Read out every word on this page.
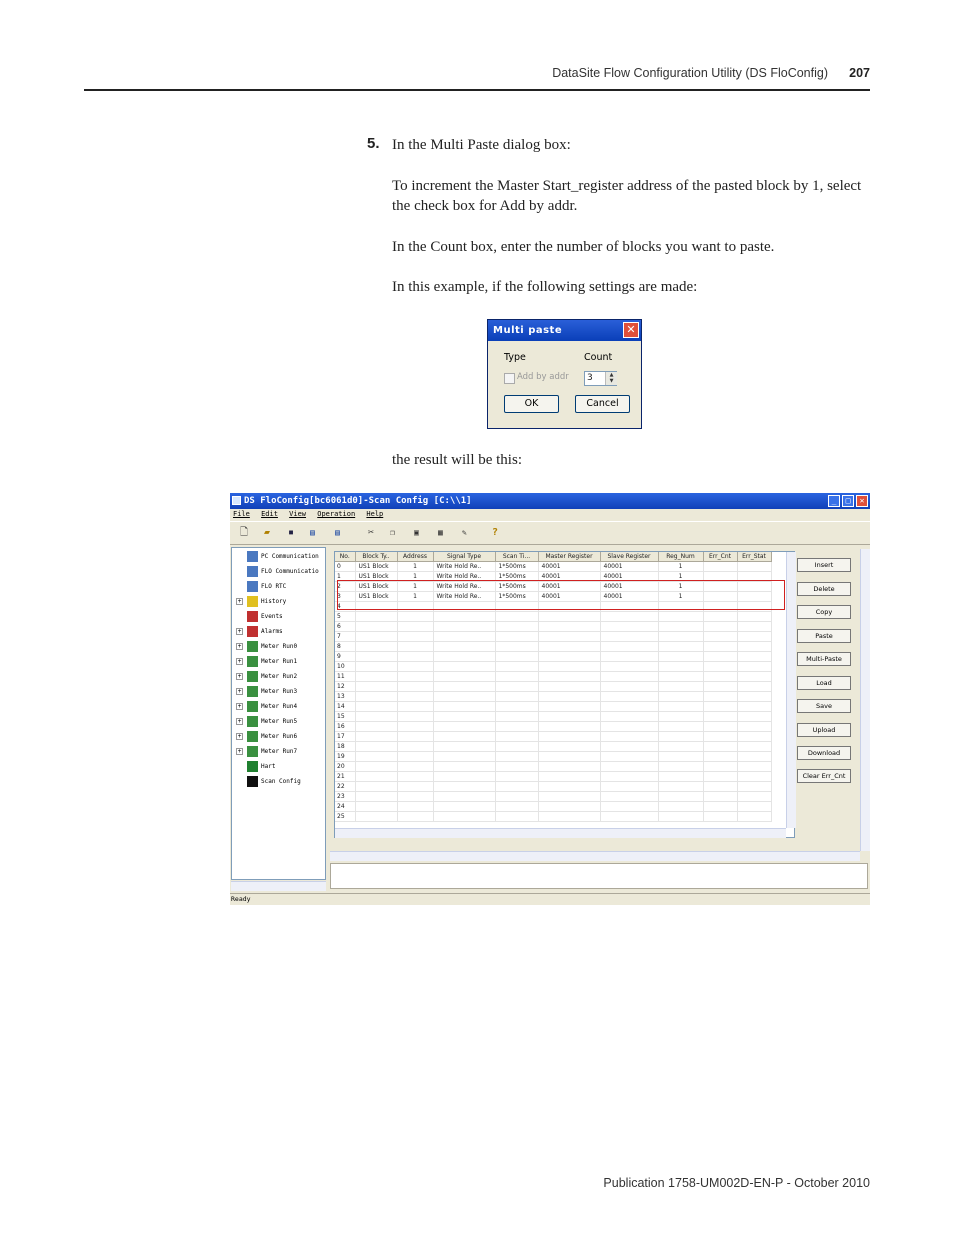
DataSite Flow Configuration Utility (DS FloConfig)	207
5. In the Multi Paste dialog box:

To increment the Master Start_register address of the pasted block by 1, select the check box for Add by addr.

In the Count box, enter the number of blocks you want to paste.

In this example, if the following settings are made:

Multi paste	✕
Type	Count
Add by addr	3	▲
▼
OK	Cancel

the result will be this:

DS FloConfig[bc6061d0]-Scan Config [C:\\1]	_	□	✕
File Edit View Operation Help
🗋 ▰ ▪ ▤	▤	✂ ❐ ▣ ▦ ✎	?
PC Communication
FLO Communicatio
FLO RTC
+	History
Events
+	Alarms
+	Meter Run0
+	Meter Run1
+	Meter Run2
+	Meter Run3
+	Meter Run4
+	Meter Run5
+	Meter Run6
+	Meter Run7
Hart
Scan Config
No.	Block Ty..	Address	Signal Type	Scan Ti...	Master Register	Slave Register	Reg_Num	Err_Cnt	Err_Stat
0	US1 Block	1	Write Hold Re..	1*500ms	40001	40001	1		
1	US1 Block	1	Write Hold Re..	1*500ms	40001	40001	1		
2	US1 Block	1	Write Hold Re..	1*500ms	40001	40001	1		
3	US1 Block	1	Write Hold Re..	1*500ms	40001	40001	1		
4									
5									
6									
7									
8									
9									
10									
11									
12									
13									
14									
15									
16									
17									
18									
19									
20									
21									
22									
23									
24									
25									
Insert
Delete
Copy
Paste
Multi-Paste
Load
Save
Upload
Download
Clear Err_Cnt
Ready
Publication 1758-UM002D-EN-P - October 2010
